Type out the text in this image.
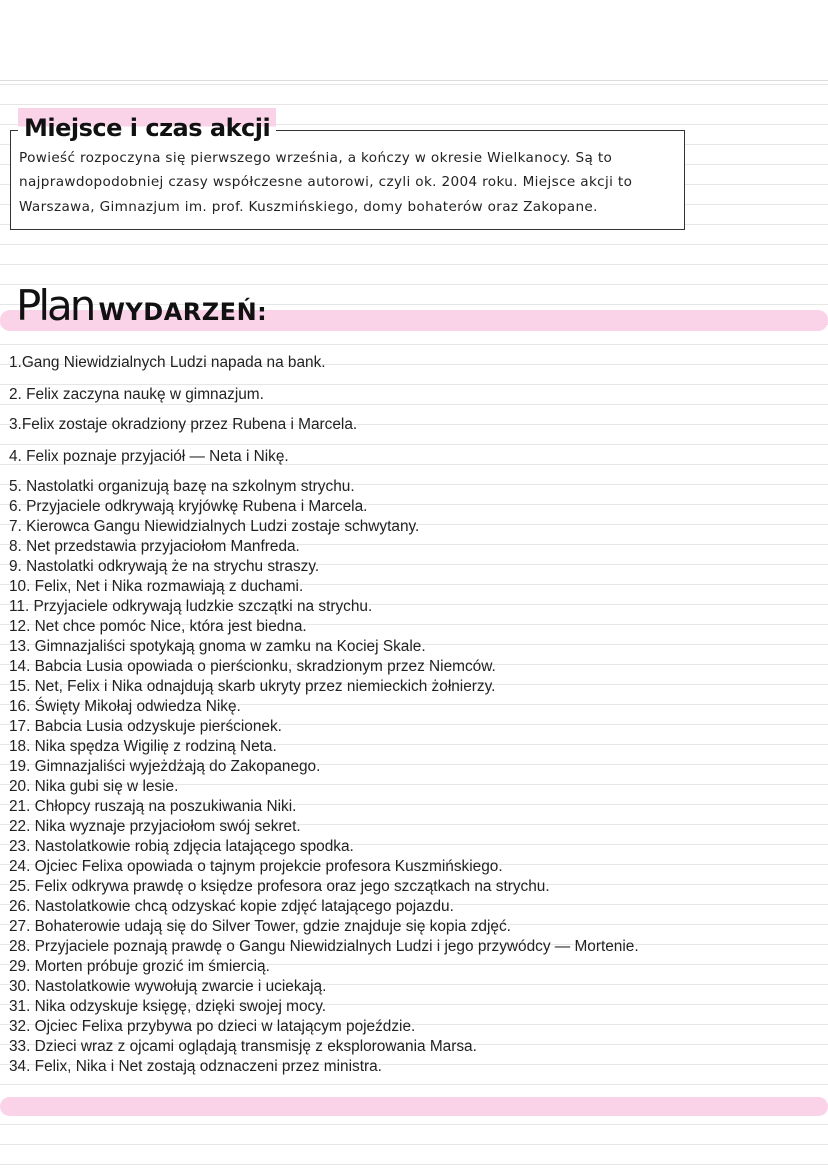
Miejsce i czas akcji
Powieść rozpoczyna się pierwszego września, a kończy w okresie Wielkanocy. Są to najprawdopodobniej czasy współczesne autorowi, czyli ok. 2004 roku. Miejsce akcji to Warszawa, Gimnazjum im. prof. Kuszmińskiego, domy bohaterów oraz Zakopane.
Plan WYDARZEŃ:
1.Gang Niewidzialnych Ludzi napada na bank.
2. Felix zaczyna naukę w gimnazjum.
3.Felix zostaje okradziony przez Rubena i Marcela.
4. Felix poznaje przyjaciół — Neta i Nikę.
5. Nastolatki organizują bazę na szkolnym strychu.
6. Przyjaciele odkrywają kryjówkę Rubena i Marcela.
7. Kierowca Gangu Niewidzialnych Ludzi zostaje schwytany.
8. Net przedstawia przyjaciołom Manfreda.
9. Nastolatki odkrywają że na strychu straszy.
10. Felix, Net i Nika rozmawiają z duchami.
11. Przyjaciele odkrywają ludzkie szczątki na strychu.
12. Net chce pomóc Nice, która jest biedna.
13. Gimnazjaliści spotykają gnoma w zamku na Kociej Skale.
14. Babcia Lusia opowiada o pierścionku, skradzionym przez Niemców.
15. Net, Felix i Nika odnajdują skarb ukryty przez niemieckich żołnierzy.
16. Święty Mikołaj odwiedza Nikę.
17. Babcia Lusia odzyskuje pierścionek.
18. Nika spędza Wigilię z rodziną Neta.
19. Gimnazjaliści wyjeżdżają do Zakopanego.
20. Nika gubi się w lesie.
21. Chłopcy ruszają na poszukiwania Niki.
22. Nika wyznaje przyjaciołom swój sekret.
23. Nastolatkowie robią zdjęcia latającego spodka.
24. Ojciec Felixa opowiada o tajnym projekcie profesora Kuszmińskiego.
25. Felix odkrywa prawdę o księdze profesora oraz jego szczątkach na strychu.
26. Nastolatkowie chcą odzyskać kopie zdjęć latającego pojazdu.
27. Bohaterowie udają się do Silver Tower, gdzie znajduje się kopia zdjęć.
28. Przyjaciele poznają prawdę o Gangu Niewidzialnych Ludzi i jego przywódcy — Mortenie.
29. Morten próbuje grozić im śmiercią.
30. Nastolatkowie wywołują zwarcie i uciekają.
31. Nika odzyskuje księgę, dzięki swojej mocy.
32. Ojciec Felixa przybywa po dzieci w latającym pojeździe.
33. Dzieci wraz z ojcami oglądają transmisję z eksplorowania Marsa.
34. Felix, Nika i Net zostają odznaczeni przez ministra.
